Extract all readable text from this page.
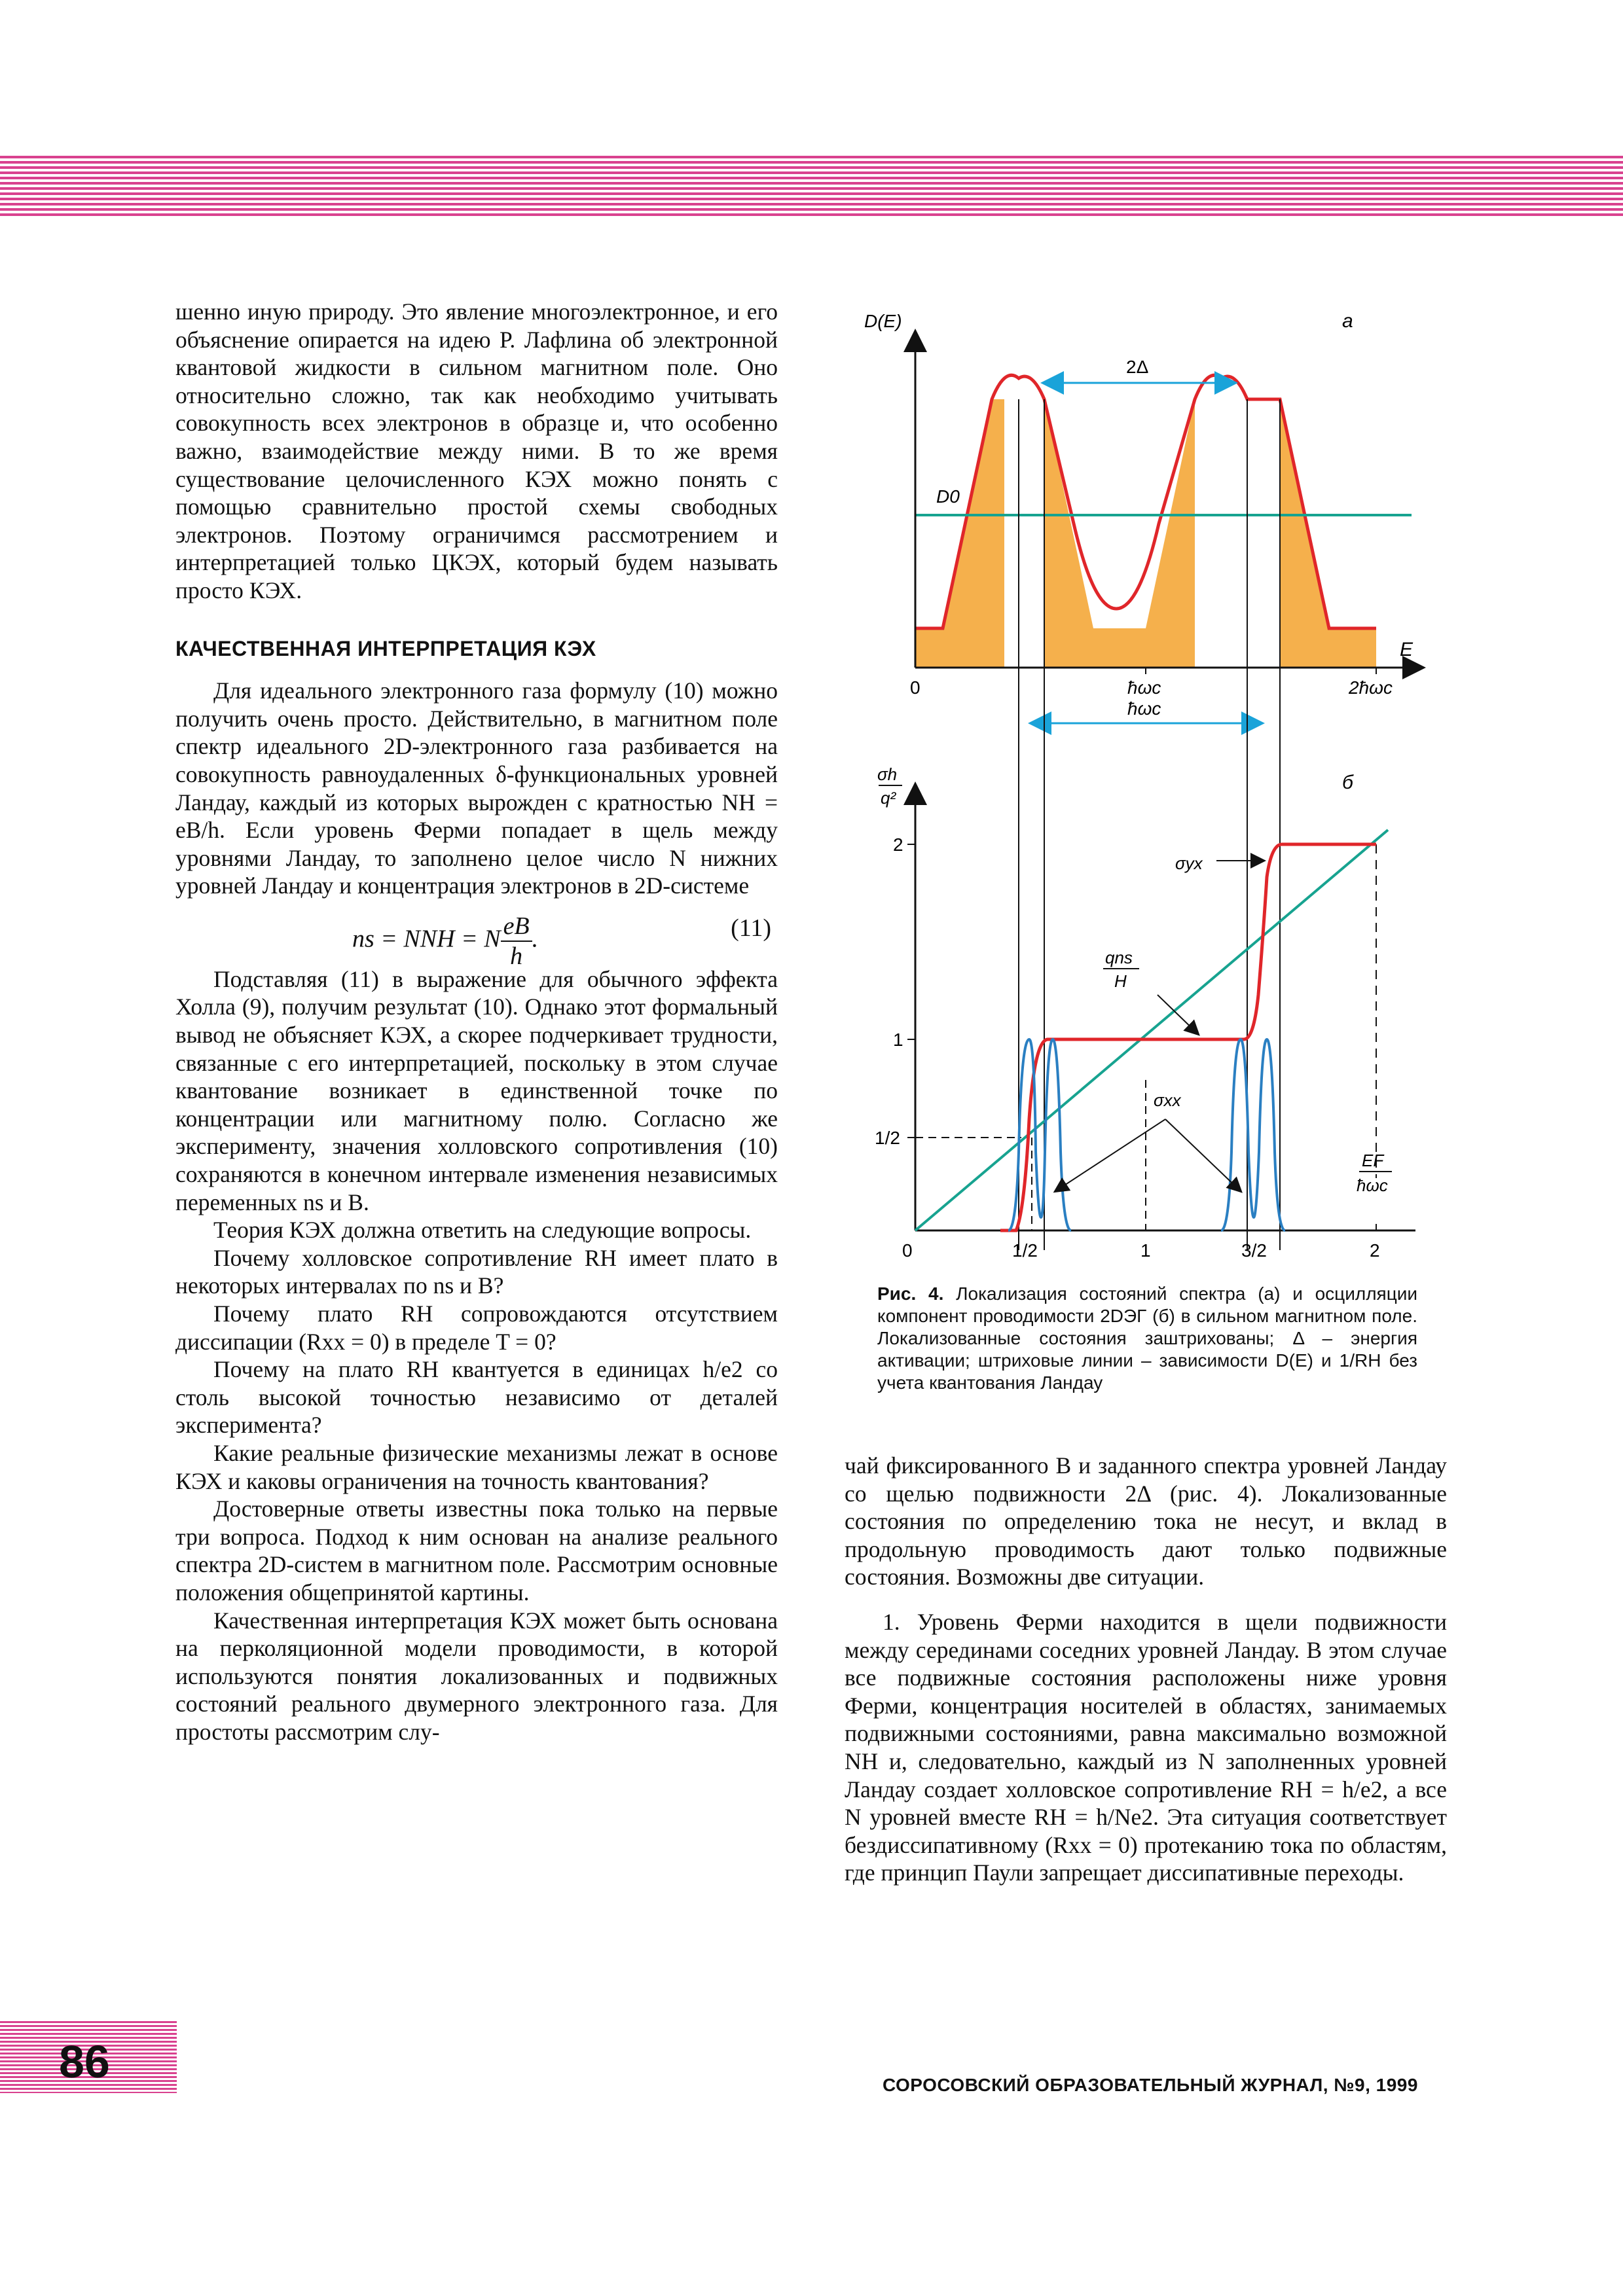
шенно иную природу. Это явление многоэлектронное, и его объяснение опирается на идею Р. Лафлина об электронной квантовой жидкости в сильном магнитном поле. Оно относительно сложно, так как необходимо учитывать совокупность всех электронов в образце и, что особенно важно, взаимодействие между ними. В то же время существование целочисленного КЭХ можно понять с помощью сравнительно простой схемы свободных электронов. Поэтому ограничимся рассмотрением и интерпретацией только ЦКЭХ, который будем называть просто КЭХ.

КАЧЕСТВЕННАЯ ИНТЕРПРЕТАЦИЯ КЭХ

Для идеального электронного газа формулу (10) можно получить очень просто. Действительно, в магнитном поле спектр идеального 2D-электронного газа разбивается на совокупность равноудаленных δ-функциональных уровней Ландау, каждый из которых вырожден с кратностью NH = eB/h. Если уровень Ферми попадает в щель между уровнями Ландау, то заполнено целое число N нижних уровней Ландау и концентрация электронов в 2D-системе

ns = NNH = N $\frac{eB}{h}$ .	(11)

Подставляя (11) в выражение для обычного эффекта Холла (9), получим результат (10). Однако этот формальный вывод не объясняет КЭХ, а скорее подчеркивает трудности, связанные с его интерпретацией, поскольку в этом случае квантование возникает в единственной точке по концентрации или магнитному полю. Согласно же эксперименту, значения холловского сопротивления (10) сохраняются в конечном интервале изменения независимых переменных ns и B.

Теория КЭХ должна ответить на следующие вопросы.

Почему холловское сопротивление RH имеет плато в некоторых интервалах по ns и B?

Почему плато RH сопровождаются отсутствием диссипации (Rxx = 0) в пределе T = 0?

Почему на плато RH квантуется в единицах h/e2 со столь высокой точностью независимо от деталей эксперимента?

Какие реальные физические механизмы лежат в основе КЭХ и каковы ограничения на точность квантования?

Достоверные ответы известны пока только на первые три вопроса. Подход к ним основан на анализе реального спектра 2D-систем в магнитном поле. Рассмотрим основные положения общепринятой картины.

Качественная интерпретация КЭХ может быть основана на перколяционной модели проводимости, в которой используются понятия локализованных и подвижных состояний реального двумерного электронного газа. Для простоты рассмотрим слу-

D(E)	а
E
0	ħωc	2ħωc
2Δ
ħωc
D0
σh
q²
б
2
1
1/2
0	1/2	1	3/2	2
σyx
qns
H
σxx
EF
ħωc
Рис. 4. Локализация состояний спектра (а) и осцилляции компонент проводимости 2DЭГ (б) в сильном магнитном поле. Локализованные состояния заштрихованы; Δ – энергия активации; штриховые линии – зависимости D(E) и 1/RH без учета квантования Ландау

чай фиксированного B и заданного спектра уровней Ландау со щелью подвижности 2Δ (рис. 4). Локализованные состояния по определению тока не несут, и вклад в продольную проводимость дают только подвижные состояния. Возможны две ситуации.

1. Уровень Ферми находится в щели подвижности между серединами соседних уровней Ландау. В этом случае все подвижные состояния расположены ниже уровня Ферми, концентрация носителей в областях, занимаемых подвижными состояниями, равна максимально возможной NH и, следовательно, каждый из N заполненных уровней Ландау создает холловское сопротивление RH = h/e2, а все N уровней вместе RH = h/Ne2. Эта ситуация соответствует бездиссипативному (Rxx = 0) протеканию тока по областям, где принцип Паули запрещает диссипативные переходы.

86	СОРОСОВСКИЙ ОБРАЗОВАТЕЛЬНЫЙ ЖУРНАЛ, №9, 1999
